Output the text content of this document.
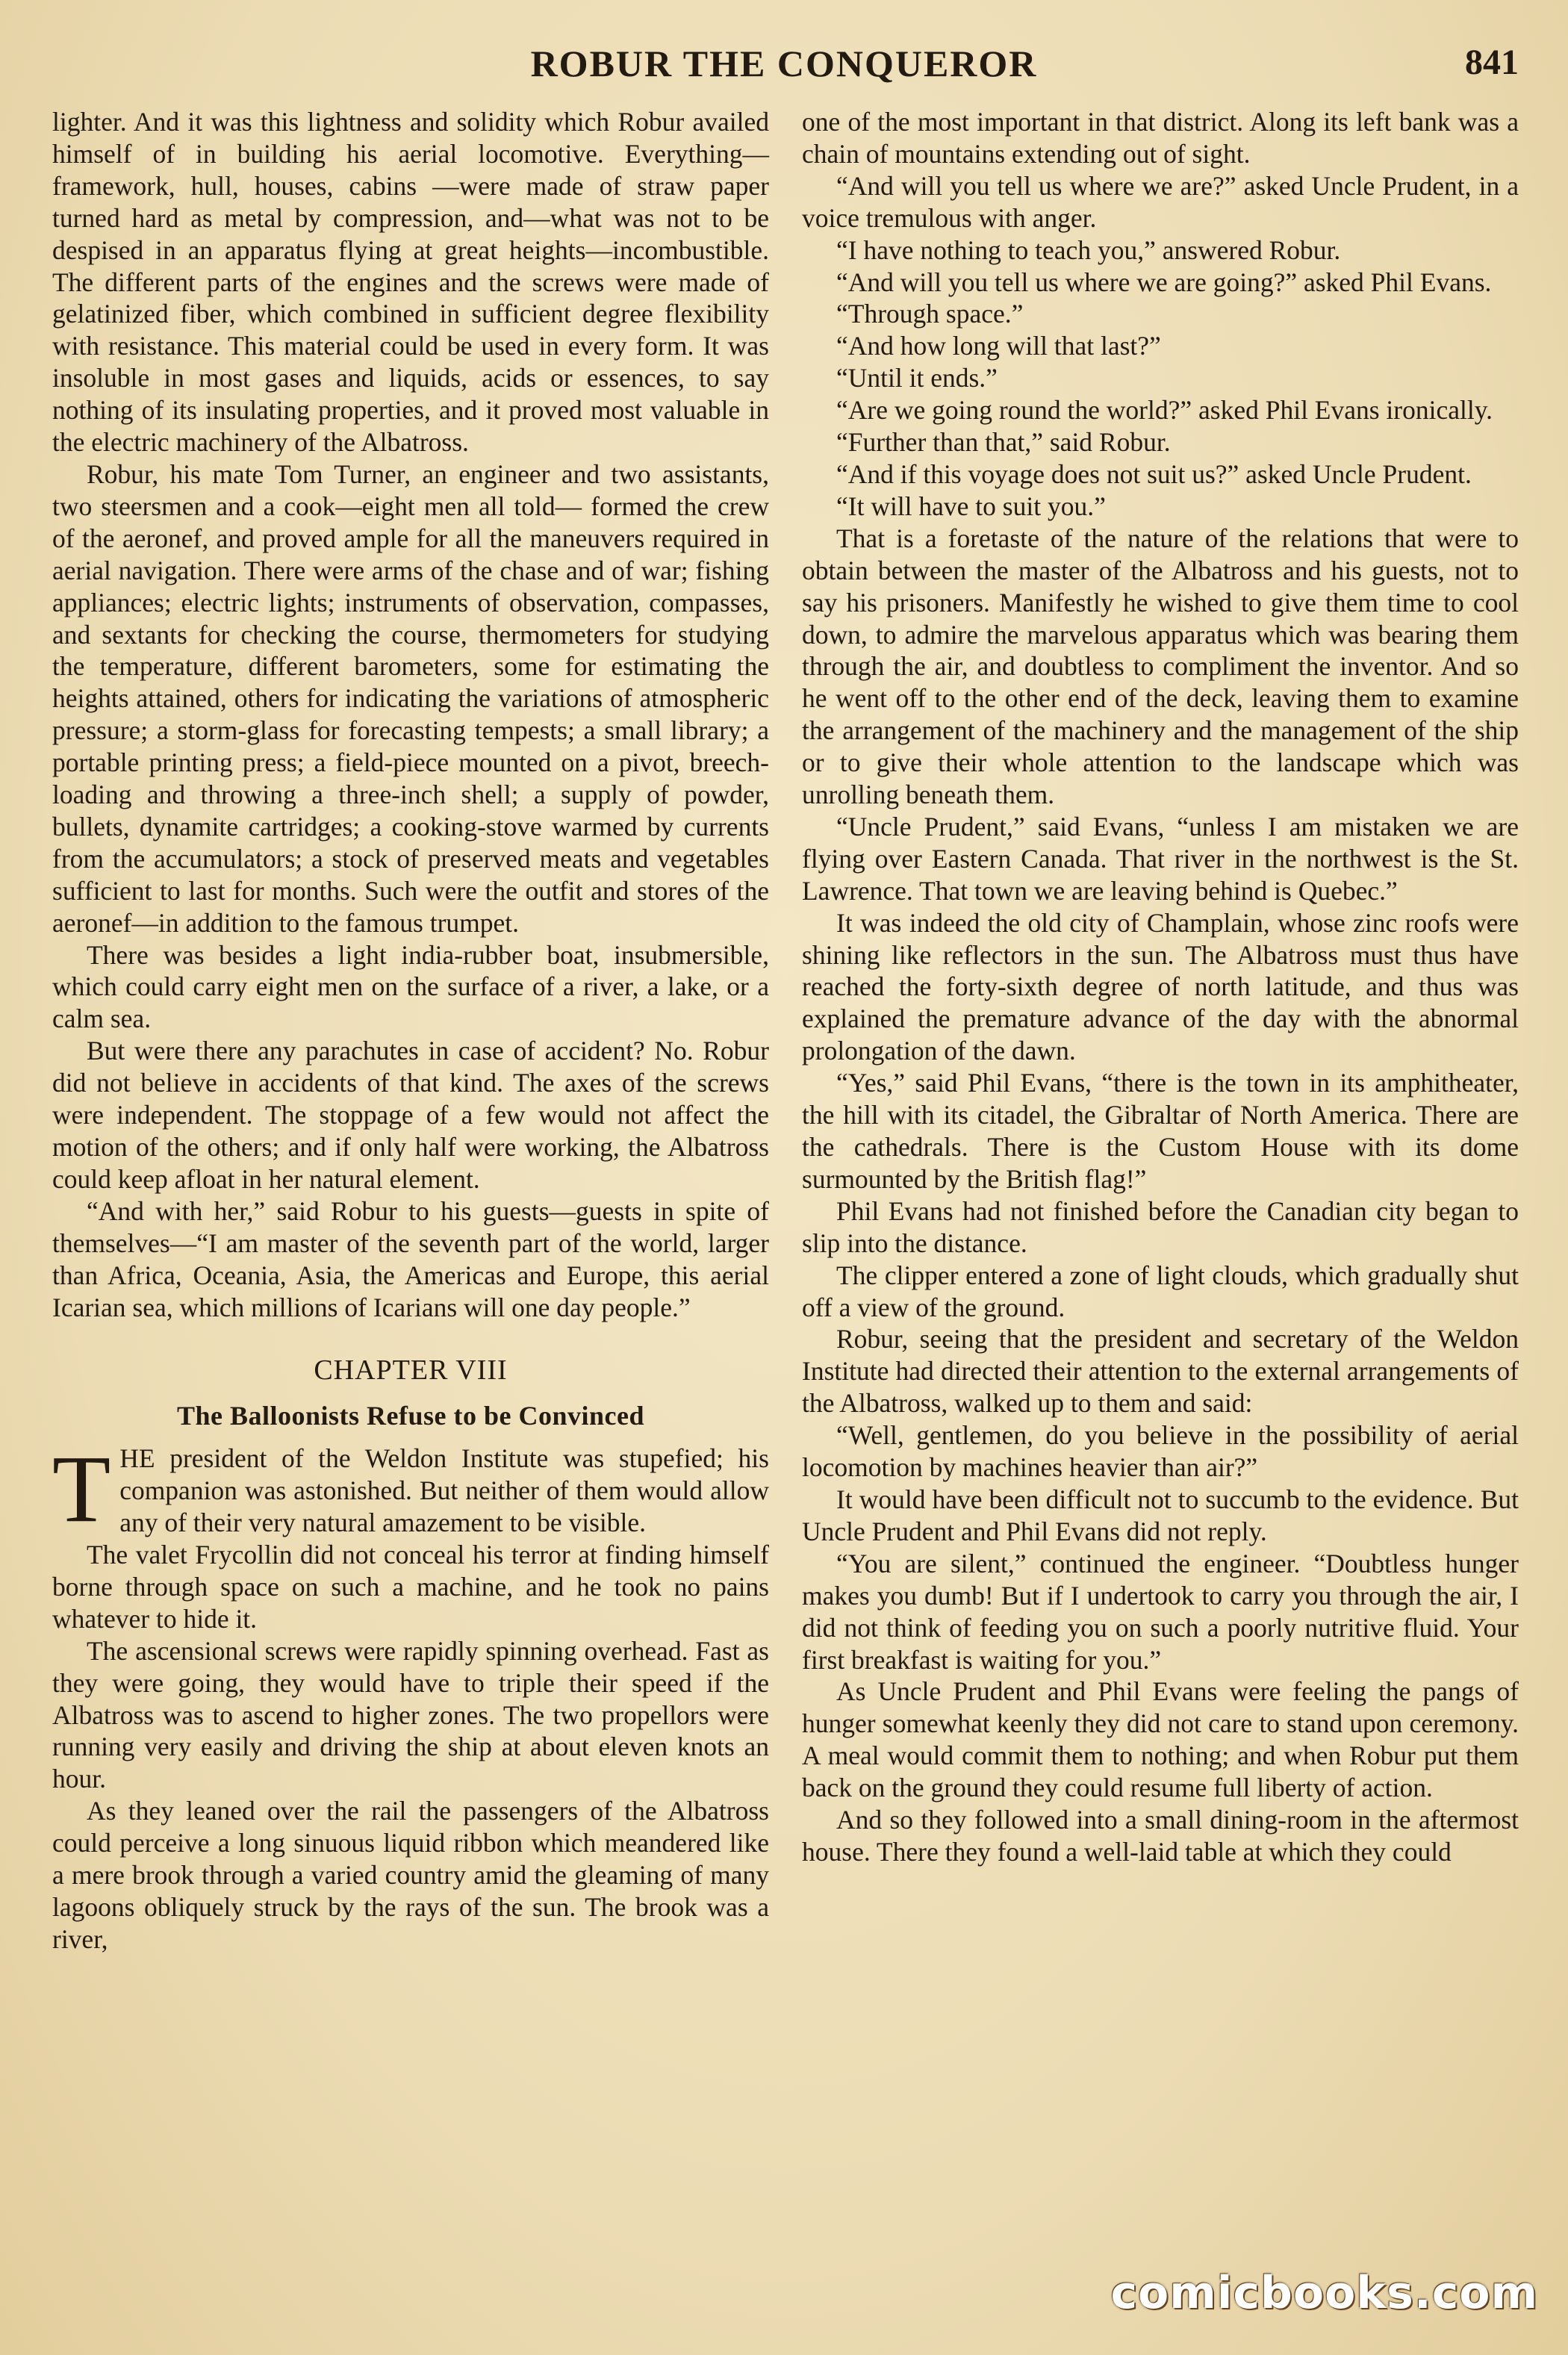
ROBUR THE CONQUEROR	841

lighter. And it was this lightness and solidity which Robur availed himself of in building his aerial locomotive. Everything—framework, hull, houses, cabins —were made of straw paper turned hard as metal by compression, and—what was not to be despised in an apparatus flying at great heights—incombustible. The different parts of the engines and the screws were made of gelatinized fiber, which combined in sufficient degree flexibility with resistance. This material could be used in every form. It was insoluble in most gases and liquids, acids or essences, to say nothing of its insulating properties, and it proved most valuable in the electric machinery of the Albatross.

Robur, his mate Tom Turner, an engineer and two assistants, two steersmen and a cook—eight men all told— formed the crew of the aeronef, and proved ample for all the maneuvers required in aerial navigation. There were arms of the chase and of war; fishing appliances; electric lights; instruments of observation, compasses, and sextants for checking the course, thermometers for studying the temperature, different barometers, some for estimating the heights attained, others for indicating the variations of atmospheric pressure; a storm-glass for forecasting tempests; a small library; a portable printing press; a field-piece mounted on a pivot, breech-loading and throwing a three-inch shell; a supply of powder, bullets, dynamite cartridges; a cooking-stove warmed by currents from the accumulators; a stock of preserved meats and vegetables sufficient to last for months. Such were the outfit and stores of the aeronef—in addition to the famous trumpet.

There was besides a light india-rubber boat, insubmersible, which could carry eight men on the surface of a river, a lake, or a calm sea.

But were there any parachutes in case of accident? No. Robur did not believe in accidents of that kind. The axes of the screws were independent. The stoppage of a few would not affect the motion of the others; and if only half were working, the Albatross could keep afloat in her natural element.

“And with her,” said Robur to his guests—guests in spite of themselves—“I am master of the seventh part of the world, larger than Africa, Oceania, Asia, the Americas and Europe, this aerial Icarian sea, which millions of Icarians will one day people.”

CHAPTER VIII
The Balloonists Refuse to be Convinced

THE president of the Weldon Institute was stupefied; his companion was astonished. But neither of them would allow any of their very natural amazement to be visible.

The valet Frycollin did not conceal his terror at finding himself borne through space on such a machine, and he took no pains whatever to hide it.

The ascensional screws were rapidly spinning overhead. Fast as they were going, they would have to triple their speed if the Albatross was to ascend to higher zones. The two propellors were running very easily and driving the ship at about eleven knots an hour.

As they leaned over the rail the passengers of the Albatross could perceive a long sinuous liquid ribbon which meandered like a mere brook through a varied country amid the gleaming of many lagoons obliquely struck by the rays of the sun. The brook was a river,

one of the most important in that district. Along its left bank was a chain of mountains extending out of sight.

“And will you tell us where we are?” asked Uncle Prudent, in a voice tremulous with anger.

“I have nothing to teach you,” answered Robur.

“And will you tell us where we are going?” asked Phil Evans.

“Through space.”

“And how long will that last?”

“Until it ends.”

“Are we going round the world?” asked Phil Evans ironically.

“Further than that,” said Robur.

“And if this voyage does not suit us?” asked Uncle Prudent.

“It will have to suit you.”

That is a foretaste of the nature of the relations that were to obtain between the master of the Albatross and his guests, not to say his prisoners. Manifestly he wished to give them time to cool down, to admire the marvelous apparatus which was bearing them through the air, and doubtless to compliment the inventor. And so he went off to the other end of the deck, leaving them to examine the arrangement of the machinery and the management of the ship or to give their whole attention to the landscape which was unrolling beneath them.

“Uncle Prudent,” said Evans, “unless I am mistaken we are flying over Eastern Canada. That river in the northwest is the St. Lawrence. That town we are leaving behind is Quebec.”

It was indeed the old city of Champlain, whose zinc roofs were shining like reflectors in the sun. The Albatross must thus have reached the forty-sixth degree of north latitude, and thus was explained the premature advance of the day with the abnormal prolongation of the dawn.

“Yes,” said Phil Evans, “there is the town in its amphitheater, the hill with its citadel, the Gibraltar of North America. There are the cathedrals. There is the Custom House with its dome surmounted by the British flag!”

Phil Evans had not finished before the Canadian city began to slip into the distance.

The clipper entered a zone of light clouds, which gradually shut off a view of the ground.

Robur, seeing that the president and secretary of the Weldon Institute had directed their attention to the external arrangements of the Albatross, walked up to them and said:

“Well, gentlemen, do you believe in the possibility of aerial locomotion by machines heavier than air?”

It would have been difficult not to succumb to the evidence. But Uncle Prudent and Phil Evans did not reply.

“You are silent,” continued the engineer. “Doubtless hunger makes you dumb! But if I undertook to carry you through the air, I did not think of feeding you on such a poorly nutritive fluid. Your first breakfast is waiting for you.”

As Uncle Prudent and Phil Evans were feeling the pangs of hunger somewhat keenly they did not care to stand upon ceremony. A meal would commit them to nothing; and when Robur put them back on the ground they could resume full liberty of action.

And so they followed into a small dining-room in the aftermost house. There they found a well-laid table at which they could

comicbooks.com
